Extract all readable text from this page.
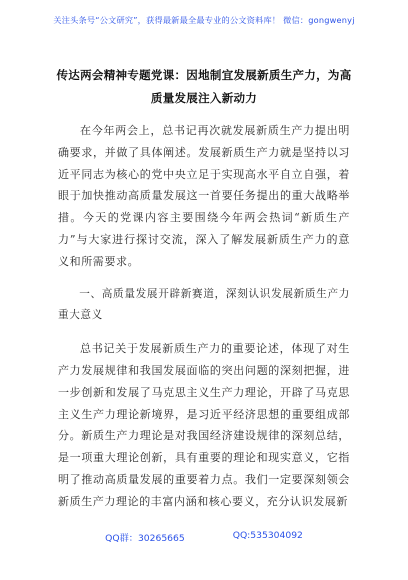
关注头条号“公文研究”，获得最新最全最专业的公文资料库！ 微信：gongwenyj
传达两会精神专题党课：因地制宜发展新质生产力，为高
质量发展注入新动力

在今年两会上，总书记再次就发展新质生产力提出明确要求，并做了具体阐述。发展新质生产力就是坚持以习近平同志为核心的党中央立足于实现高水平自立自强，着眼于加快推动高质量发展这一首要任务提出的重大战略举措。今天的党课内容主要围绕今年两会热词“新质生产力”与大家进行探讨交流，深入了解发展新质生产力的意义和所需要求。

一、高质量发展开辟新赛道，深刻认识发展新质生产力重大意义

总书记关于发展新质生产力的重要论述，体现了对生产力发展规律和我国发展面临的突出问题的深刻把握，进一步创新和发展了马克思主义生产力理论，开辟了马克思主义生产力理论新境界，是习近平经济思想的重要组成部分。新质生产力理论是对我国经济建设规律的深刻总结，是一项重大理论创新，具有重要的理论和现实意义，它指明了推动高质量发展的重要着力点。我们一定要深刻领会新质生产力理论的丰富内涵和核心要义，充分认识发展新

QQ群：30265665	QQ:535304092
